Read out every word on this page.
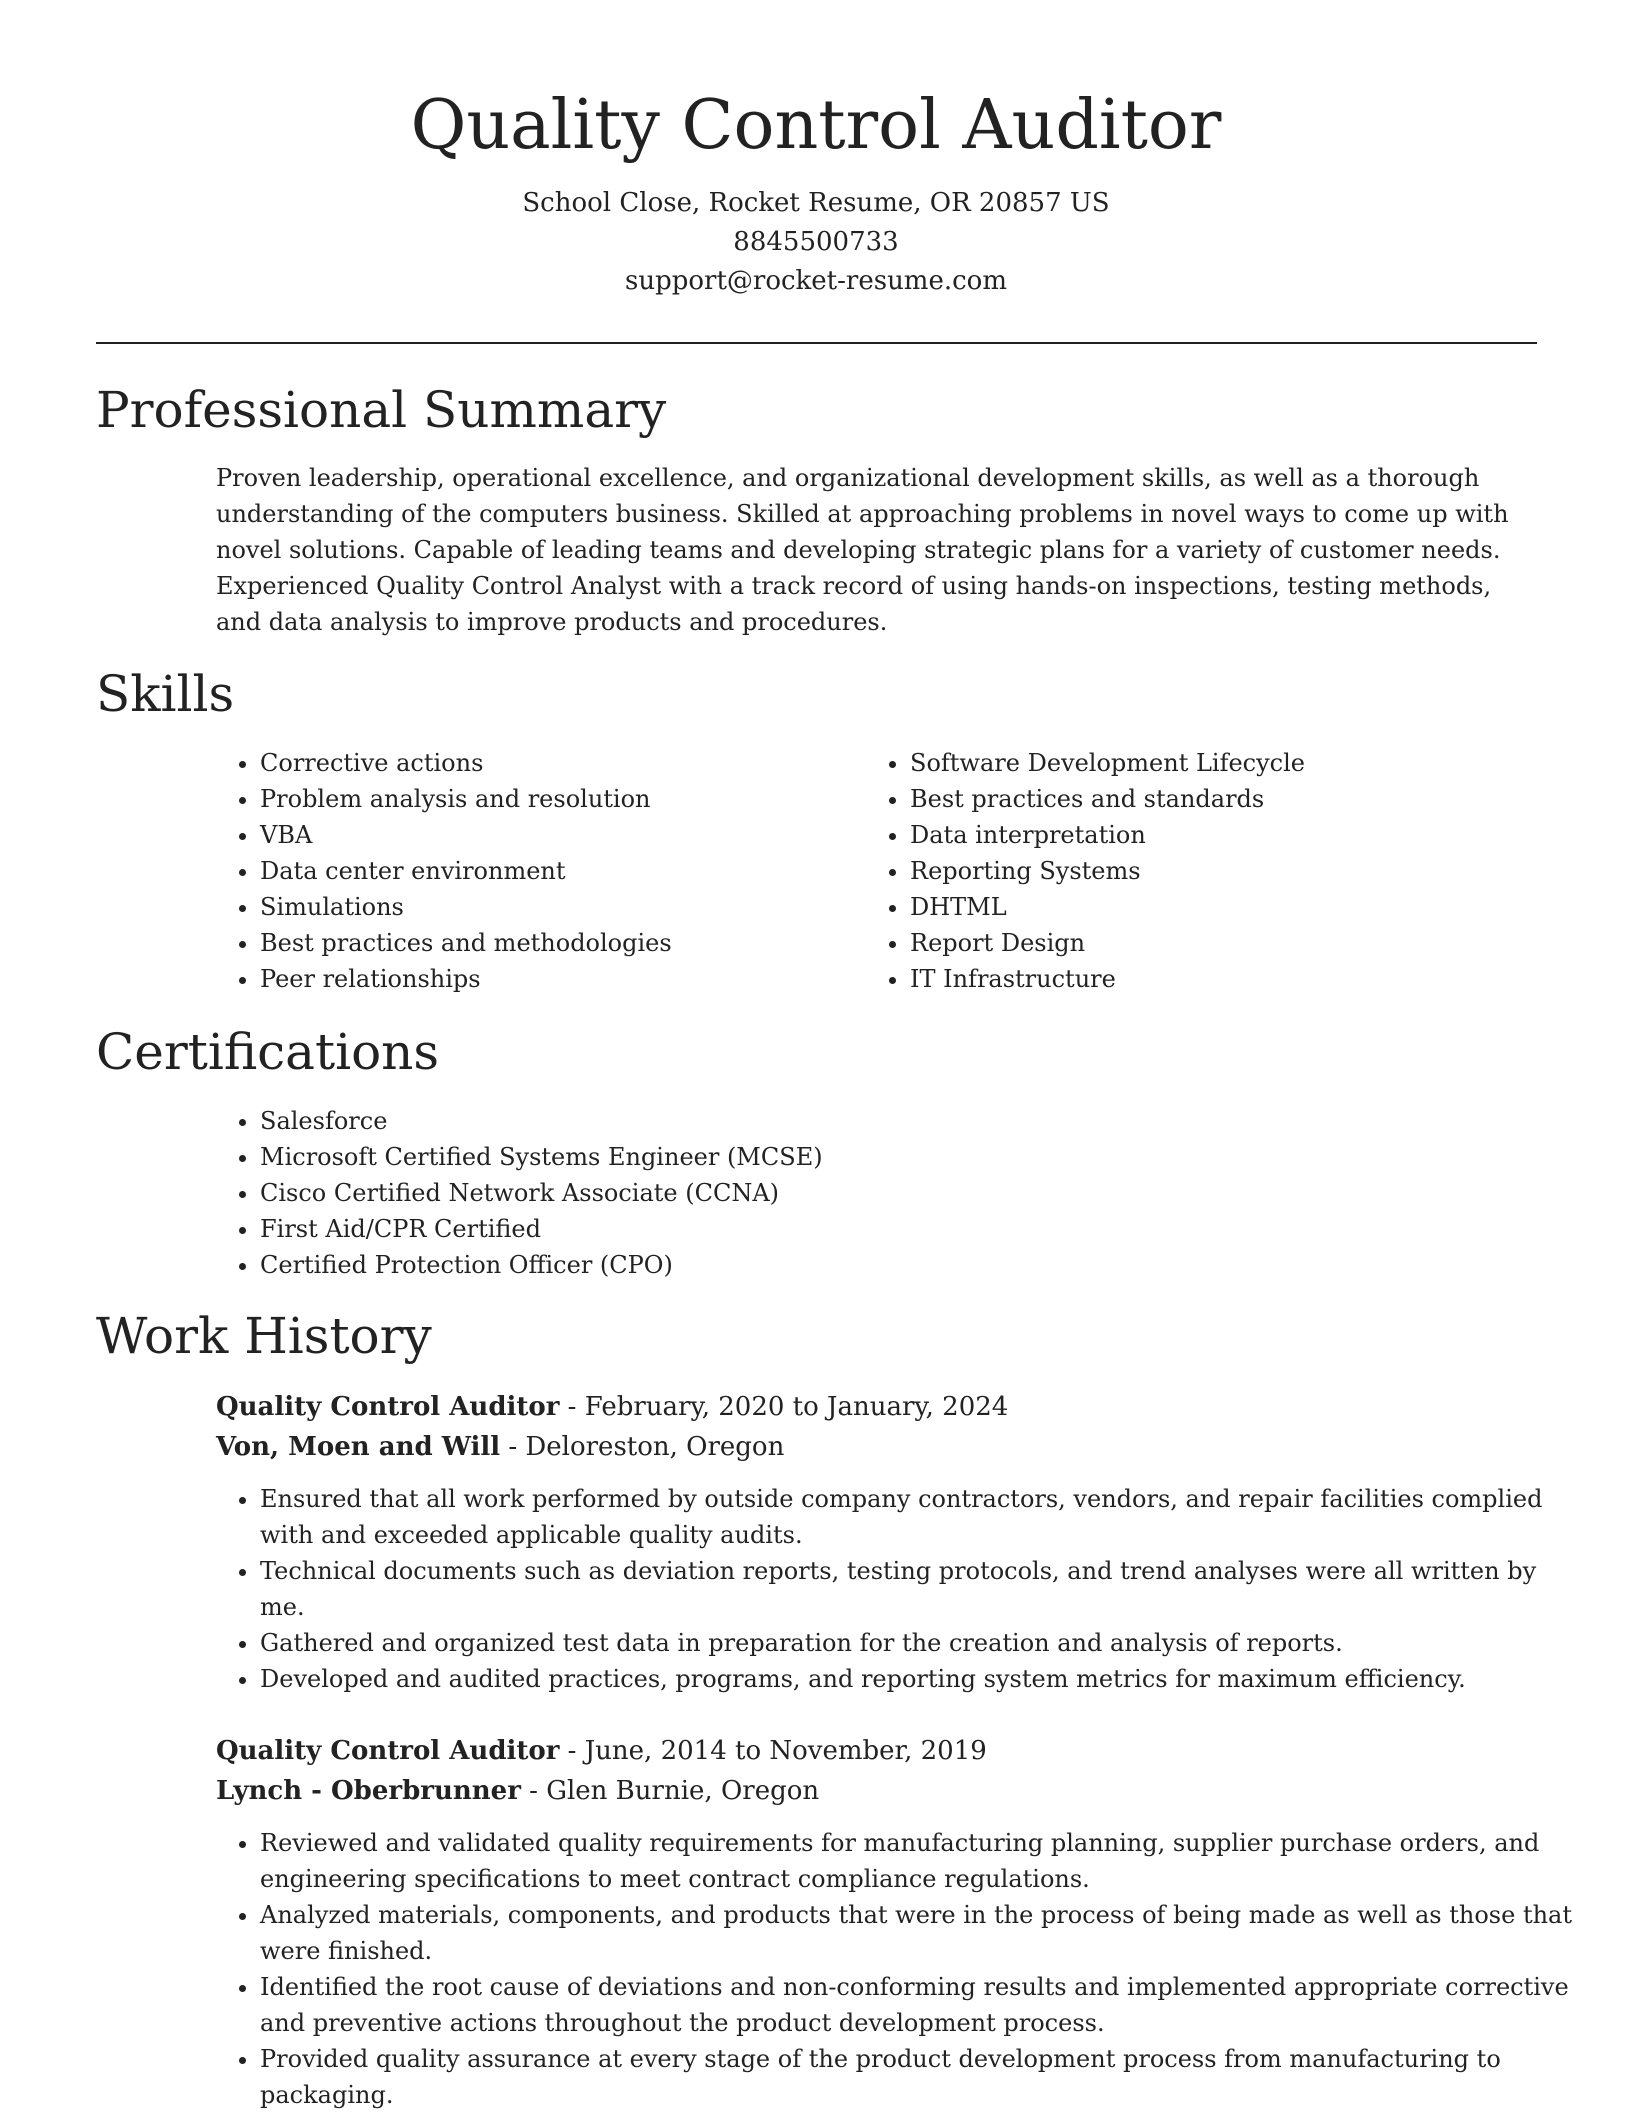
Quality Control Auditor
School Close, Rocket Resume, OR 20857 US
8845500733
support@rocket-resume.com
Professional Summary

Proven leadership, operational excellence, and organizational development skills, as well as a thorough understanding of the computers business. Skilled at approaching problems in novel ways to come up with novel solutions. Capable of leading teams and developing strategic plans for a variety of customer needs. Experienced Quality Control Analyst with a track record of using hands-on inspections, testing methods, and data analysis to improve products and procedures.

Skills
• Corrective actions
• Problem analysis and resolution
• VBA
• Data center environment
• Simulations
• Best practices and methodologies
• Peer relationships
• Software Development Lifecycle
• Best practices and standards
• Data interpretation
• Reporting Systems
• DHTML
• Report Design
• IT Infrastructure
Certifications
• Salesforce
• Microsoft Certified Systems Engineer (MCSE)
• Cisco Certified Network Associate (CCNA)
• First Aid/CPR Certified
• Certified Protection Officer (CPO)
Work History
Quality Control Auditor - February, 2020 to January, 2024
Von, Moen and Will - Deloreston, Oregon
• Ensured that all work performed by outside company contractors, vendors, and repair facilities complied with and exceeded applicable quality audits.
• Technical documents such as deviation reports, testing protocols, and trend analyses were all written by me.
• Gathered and organized test data in preparation for the creation and analysis of reports.
• Developed and audited practices, programs, and reporting system metrics for maximum efficiency.
Quality Control Auditor - June, 2014 to November, 2019
Lynch - Oberbrunner - Glen Burnie, Oregon
• Reviewed and validated quality requirements for manufacturing planning, supplier purchase orders, and engineering specifications to meet contract compliance regulations.
• Analyzed materials, components, and products that were in the process of being made as well as those that were finished.
• Identified the root cause of deviations and non-conforming results and implemented appropriate corrective and preventive actions throughout the product development process.
• Provided quality assurance at every stage of the product development process from manufacturing to packaging.
